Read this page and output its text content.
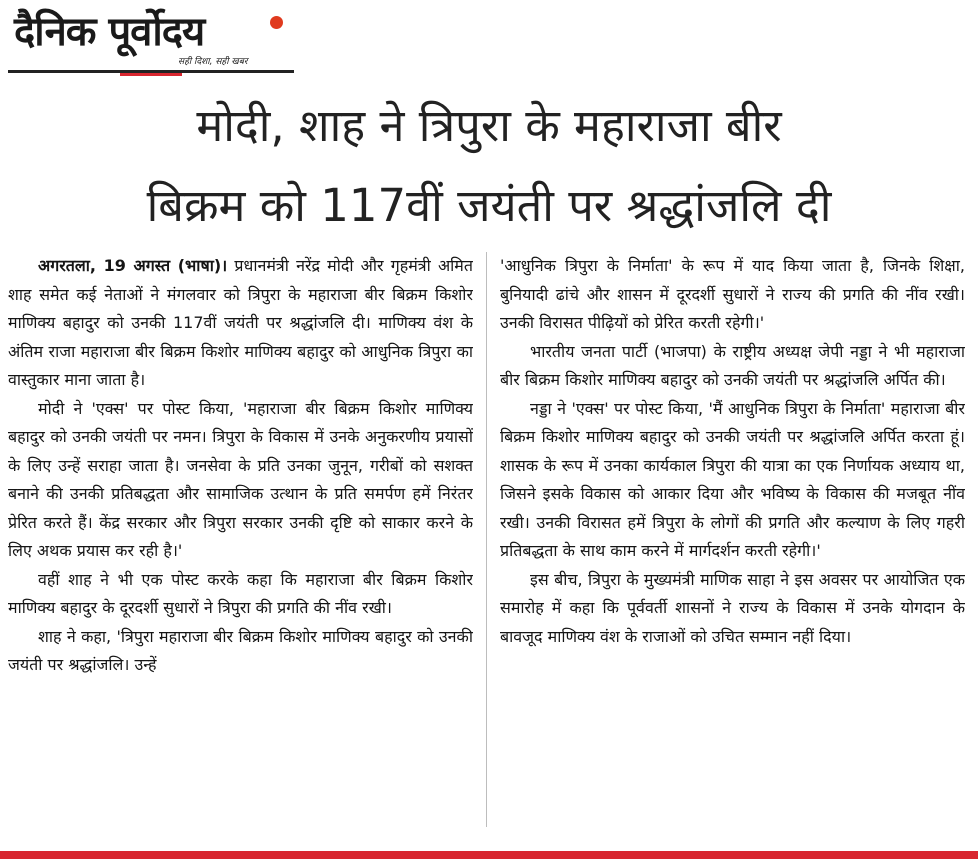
दैनिक पूर्वोदय
सही दिशा, सही खबर
मोदी, शाह ने त्रिपुरा के महाराजा बीर
बिक्रम को 117वीं जयंती पर श्रद्धांजलि दी

अगरतला, 19 अगस्त (भाषा)। प्रधानमंत्री नरेंद्र मोदी और गृहमंत्री अमित शाह समेत कई नेताओं ने मंगलवार को त्रिपुरा के महाराजा बीर बिक्रम किशोर माणिक्य बहादुर को उनकी 117वीं जयंती पर श्रद्धांजलि दी। माणिक्य वंश के अंतिम राजा महाराजा बीर बिक्रम किशोर माणिक्य बहादुर को आधुनिक त्रिपुरा का वास्तुकार माना जाता है।

मोदी ने 'एक्स' पर पोस्ट किया, 'महाराजा बीर बिक्रम किशोर माणिक्य बहादुर को उनकी जयंती पर नमन। त्रिपुरा के विकास में उनके अनुकरणीय प्रयासों के लिए उन्हें सराहा जाता है। जनसेवा के प्रति उनका जुनून, गरीबों को सशक्त बनाने की उनकी प्रतिबद्धता और सामाजिक उत्थान के प्रति समर्पण हमें निरंतर प्रेरित करते हैं। केंद्र सरकार और त्रिपुरा सरकार उनकी दृष्टि को साकार करने के लिए अथक प्रयास कर रही है।'

वहीं शाह ने भी एक पोस्ट करके कहा कि महाराजा बीर बिक्रम किशोर माणिक्य बहादुर के दूरदर्शी सुधारों ने त्रिपुरा की प्रगति की नींव रखी।

शाह ने कहा, 'त्रिपुरा महाराजा बीर बिक्रम किशोर माणिक्य बहादुर को उनकी जयंती पर श्रद्धांजलि। उन्हें

'आधुनिक त्रिपुरा के निर्माता' के रूप में याद किया जाता है, जिनके शिक्षा, बुनियादी ढांचे और शासन में दूरदर्शी सुधारों ने राज्य की प्रगति की नींव रखी। उनकी विरासत पीढ़ियों को प्रेरित करती रहेगी।'

भारतीय जनता पार्टी (भाजपा) के राष्ट्रीय अध्यक्ष जेपी नड्डा ने भी महाराजा बीर बिक्रम किशोर माणिक्य बहादुर को उनकी जयंती पर श्रद्धांजलि अर्पित की।

नड्डा ने 'एक्स' पर पोस्ट किया, 'मैं आधुनिक त्रिपुरा के निर्माता' महाराजा बीर बिक्रम किशोर माणिक्य बहादुर को उनकी जयंती पर श्रद्धांजलि अर्पित करता हूं। शासक के रूप में उनका कार्यकाल त्रिपुरा की यात्रा का एक निर्णायक अध्याय था, जिसने इसके विकास को आकार दिया और भविष्य के विकास की मजबूत नींव रखी। उनकी विरासत हमें त्रिपुरा के लोगों की प्रगति और कल्याण के लिए गहरी प्रतिबद्धता के साथ काम करने में मार्गदर्शन करती रहेगी।'

इस बीच, त्रिपुरा के मुख्यमंत्री माणिक साहा ने इस अवसर पर आयोजित एक समारोह में कहा कि पूर्ववर्ती शासनों ने राज्य के विकास में उनके योगदान के बावजूद माणिक्य वंश के राजाओं को उचित सम्मान नहीं दिया।
